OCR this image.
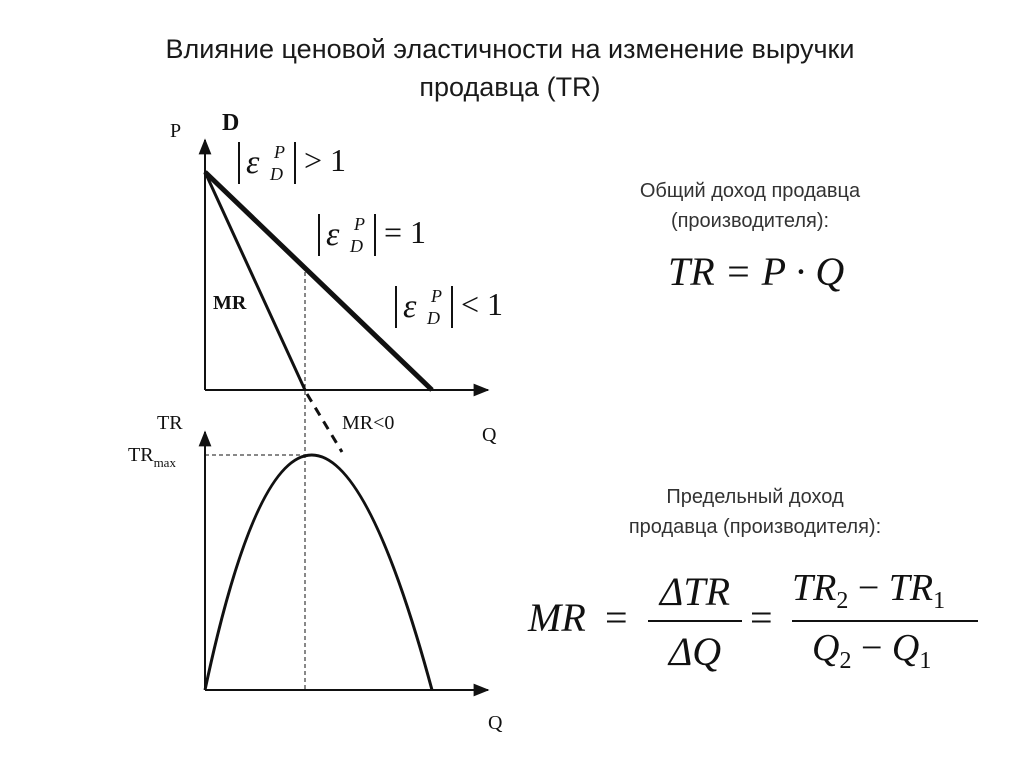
Влияние ценовой эластичности на изменение выручки
продавца (TR)
P D
MR
MR<0
Q
ε P
D > 1
ε P
D = 1
ε P
D < 1
TR
$TR_{max}$
Q
Общий доход продавца
(производителя):
TR = P · Q
Предельный доход
продавца (производителя):
MR =
ΔTR
ΔQ
=
$TR_2 - TR_1$
$Q_2 - Q_1$
